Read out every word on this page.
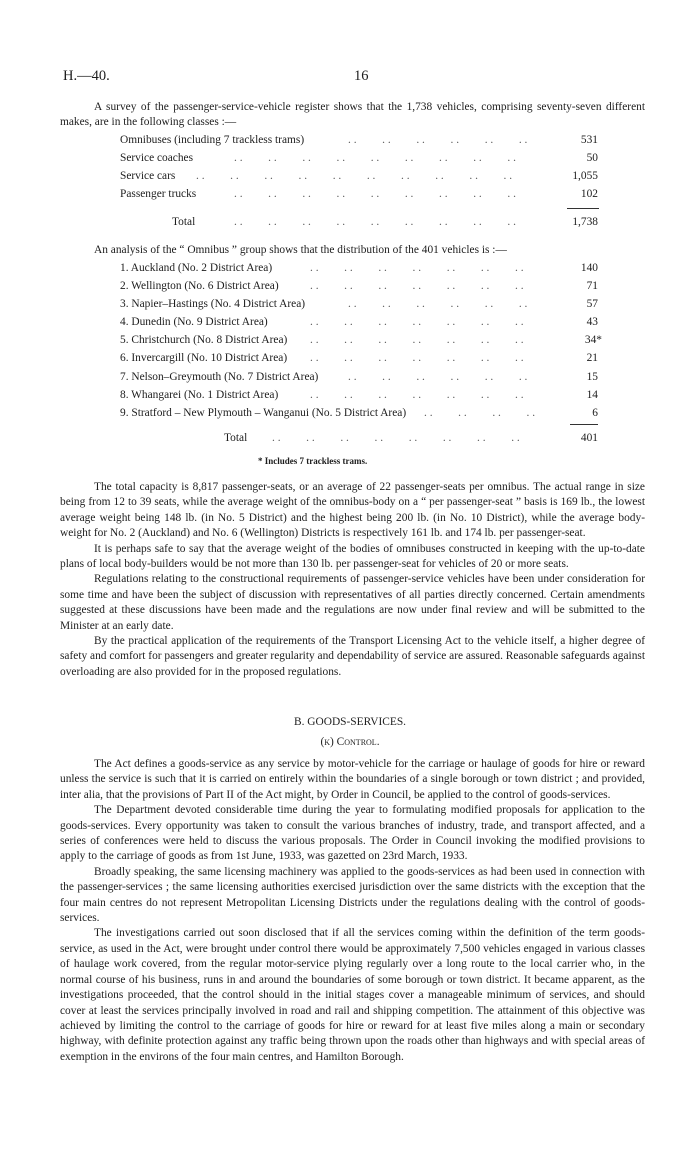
H.—40.	16

A survey of the passenger-service-vehicle register shows that the 1,738 vehicles, comprising seventy-seven different makes, are in the following classes :—

Omnibuses (including 7 trackless trams)	531
. .   . .   . .   . .   . .   . .
Service coaches	50
. .   . .   . .   . .   . .   . .   . .   . .   . .
Service cars	1,055
. .   . .   . .   . .   . .   . .   . .   . .   . .   . .
Passenger trucks	102
. .   . .   . .   . .   . .   . .   . .   . .   . .
Total	1,738
. .   . .   . .   . .   . .   . .   . .   . .   . .

An analysis of the “ Omnibus ” group shows that the distribution of the 401 vehicles is :—

1. Auckland (No. 2 District Area)	140
. .   . .   . .   . .   . .   . .   . .
2. Wellington (No. 6 District Area)	71
. .   . .   . .   . .   . .   . .   . .
3. Napier–Hastings (No. 4 District Area)	57
. .   . .   . .   . .   . .   . .
4. Dunedin (No. 9 District Area)	43
. .   . .   . .   . .   . .   . .   . .
5. Christchurch (No. 8 District Area)	34*
. .   . .   . .   . .   . .   . .   . .
6. Invercargill (No. 10 District Area)	21
. .   . .   . .   . .   . .   . .   . .
7. Nelson–Greymouth (No. 7 District Area)	15
. .   . .   . .   . .   . .   . .
8. Whangarei (No. 1 District Area)	14
. .   . .   . .   . .   . .   . .   . .
9. Stratford – New Plymouth – Wanganui (No. 5 District Area)	6
. .   . .   . .   . .
Total	401
. .   . .   . .   . .   . .   . .   . .   . .
* Includes 7 trackless trams.

The total capacity is 8,817 passenger-seats, or an average of 22 passenger-seats per omnibus. The actual range in size being from 12 to 39 seats, while the average weight of the omnibus-body on a “ per passenger-seat ” basis is 169 lb., the lowest average weight being 148 lb. (in No. 5 District) and the highest being 200 lb. (in No. 10 District), while the average body-weight for No. 2 (Auckland) and No. 6 (Wellington) Districts is respectively 161 lb. and 174 lb. per passenger-seat.

It is perhaps safe to say that the average weight of the bodies of omnibuses constructed in keeping with the up-to-date plans of local body-builders would be not more than 130 lb. per passenger-seat for vehicles of 20 or more seats.

Regulations relating to the constructional requirements of passenger-service vehicles have been under consideration for some time and have been the subject of discussion with representatives of all parties directly concerned. Certain amendments suggested at these discussions have been made and the regulations are now under final review and will be submitted to the Minister at an early date.

By the practical application of the requirements of the Transport Licensing Act to the vehicle itself, a higher degree of safety and comfort for passengers and greater regularity and dependability of service are assured. Reasonable safeguards against overloading are also provided for in the proposed regulations.

B. GOODS-SERVICES.
(k) Control.

The Act defines a goods-service as any service by motor-vehicle for the carriage or haulage of goods for hire or reward unless the service is such that it is carried on entirely within the boundaries of a single borough or town district ; and provided, inter alia, that the provisions of Part II of the Act might, by Order in Council, be applied to the control of goods-services.

The Department devoted considerable time during the year to formulating modified proposals for application to the goods-services. Every opportunity was taken to consult the various branches of industry, trade, and transport affected, and a series of conferences were held to discuss the various proposals. The Order in Council invoking the modified provisions to apply to the carriage of goods as from 1st June, 1933, was gazetted on 23rd March, 1933.

Broadly speaking, the same licensing machinery was applied to the goods-services as had been used in connection with the passenger-services ; the same licensing authorities exercised jurisdiction over the same districts with the exception that the four main centres do not represent Metropolitan Licensing Districts under the regulations dealing with the control of goods-services.

The investigations carried out soon disclosed that if all the services coming within the definition of the term goods-service, as used in the Act, were brought under control there would be approximately 7,500 vehicles engaged in various classes of haulage work covered, from the regular motor-service plying regularly over a long route to the local carrier who, in the normal course of his business, runs in and around the boundaries of some borough or town district. It became apparent, as the investigations proceeded, that the control should in the initial stages cover a manageable minimum of services, and should cover at least the services principally involved in road and rail and shipping competition. The attainment of this objective was achieved by limiting the control to the carriage of goods for hire or reward for at least five miles along a main or secondary highway, with definite protection against any traffic being thrown upon the roads other than highways and with special areas of exemption in the environs of the four main centres, and Hamilton Borough.
